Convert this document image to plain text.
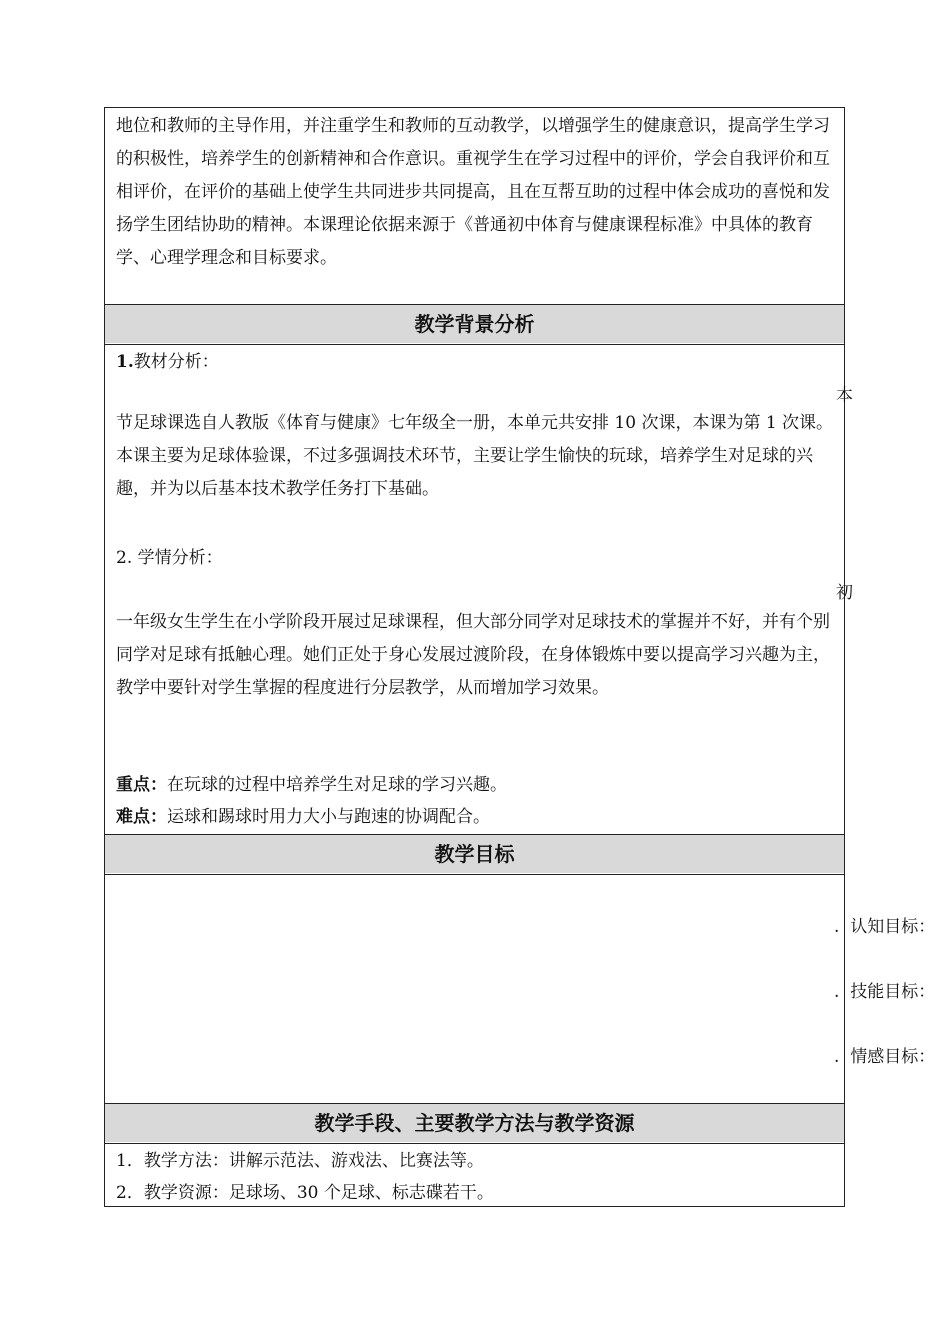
地位和教师的主导作用，并注重学生和教师的互动教学，以增强学生的健康意识，提高学生学习的积极性，培养学生的创新精神和合作意识。重视学生在学习过程中的评价，学会自我评价和互相评价，在评价的基础上使学生共同进步共同提高，且在互帮互助的过程中体会成功的喜悦和发扬学生团结协助的精神。本课理论依据来源于《普通初中体育与健康课程标准》中具体的教育学、心理学理念和目标要求。

教学背景分析
1.教材分析：

节足球课选自人教版《体育与健康》七年级全一册，本单元共安排 10 次课，本课为第 1 次课。本课主要为足球体验课，不过多强调技术环节，主要让学生愉快的玩球，培养学生对足球的兴趣，并为以后基本技术教学任务打下基础。

2. 学情分析：

一年级女生学生在小学阶段开展过足球课程，但大部分同学对足球技术的掌握并不好，并有个别同学对足球有抵触心理。她们正处于身心发展过渡阶段，在身体锻炼中要以提高学习兴趣为主，教学中要针对学生掌握的程度进行分层教学，从而增加学习效果。

重点：在玩球的过程中培养学生对足球的学习兴趣。
难点：运球和踢球时用力大小与跑速的协调配合。
教学目标
教学手段、主要教学方法与教学资源
1．教学方法：讲解示范法、游戏法、比赛法等。
2．教学资源：足球场、30 个足球、标志碟若干。
本
初
. 认知目标：
. 技能目标：
. 情感目标：
